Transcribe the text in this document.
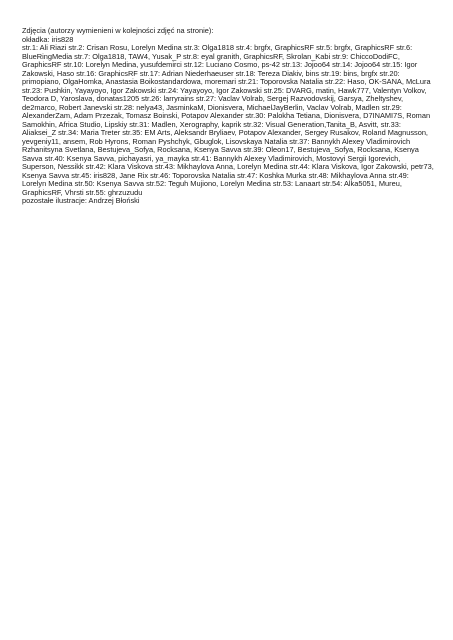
Zdjęcia (autorzy wymienieni w kolejności zdjęć na stronie):

okładka: iris828

str.1: Ali Riazi str.2: Crisan Rosu, Lorelyn Medina str.3: Olga1818 str.4: brgfx, GraphicsRF str.5: brgfx, GraphicsRF str.6: BlueRingMedia str.7: Olga1818, TAW4, Yusak_P str.8: eyal granith, GraphicsRF, Skrolan_Kabi str.9: ChiccoDodiFC, GraphicsRF str.10: Lorelyn Medina, yusufdemirci str.12: Luciano Cosmo, ps-42 str.13: Jojoo64 str.14: Jojoo64 str.15: Igor Zakowski, Haso str.16: GraphicsRF str.17: Adrian Niederhaeuser str.18: Tereza Diakiv, bins str.19: bins, brgfx str.20: primopiano, OlgaHomka, Anastasia Boikostandardowa, moremari str.21: Toporovska Natalia str.22: Haso, OK-SANA, McLura str.23: Pushkin, Yayayoyo, Igor Zakowski str.24: Yayayoyo, Igor Zakowski str.25: DVARG, matin, Hawk777, Valentyn Volkov, Teodora D, Yaroslava, donatas1205 str.26: larryrains str.27: Vaclav Volrab, Sergej Razvodovskij, Garsya, Zheltyshev, de2marco, Robert Janevski str.28: nelya43, JasminkaM, Dionisvera, MichaelJayBerlin, Vaclav Volrab, Madlen str.29: AlexanderZam, Adam Przezak, Tomasz Boinski, Potapov Alexander str.30: Palokha Tetiana, Dionisvera, D7INAMI7S, Roman Samokhin, Africa Studio, Lipskiy str.31: Madlen, Xerography, kaprik str.32: Visual Generation,Tanita_B, Asvitt, str.33: Aliaksei_Z str.34: Maria Treter str.35: EM Arts, Aleksandr Bryliaev, Potapov Alexander, Sergey Rusakov, Roland Magnusson, yevgeniy11, ansem, Rob Hyrons, Roman Pyshchyk, Gbuglok, Lisovskaya Natalia str.37: Bannykh Alexey Vladimirovich Rzhanitsyna Svetlana, Bestujeva_Sofya, Rocksana, Ksenya Savva str.39: Oleon17, Bestujeva_Sofya, Rocksana, Ksenya Savva str.40: Ksenya Savva, pichayasri, ya_mayka str.41: Bannykh Alexey Vladimirovich, Mostovyi Sergii Igorevich, Superson, Nessikk str.42: Klara Viskova str.43: Mikhaylova Anna, Lorelyn Medina str.44: Klara Viskova, Igor Zakowski, petr73, Ksenya Savva str.45: iris828, Jane Rix str.46: Toporovska Natalia str.47: Koshka Murka str.48: Mikhaylova Anna str.49: Lorelyn Medina str.50: Ksenya Savva str.52: Teguh Mujiono, Lorelyn Medina str.53: Lanaart str.54: Alka5051, Mureu, GraphicsRF, Vhrsti str.55: ghrzuzudu

pozostałe ilustracje: Andrzej Błoński
